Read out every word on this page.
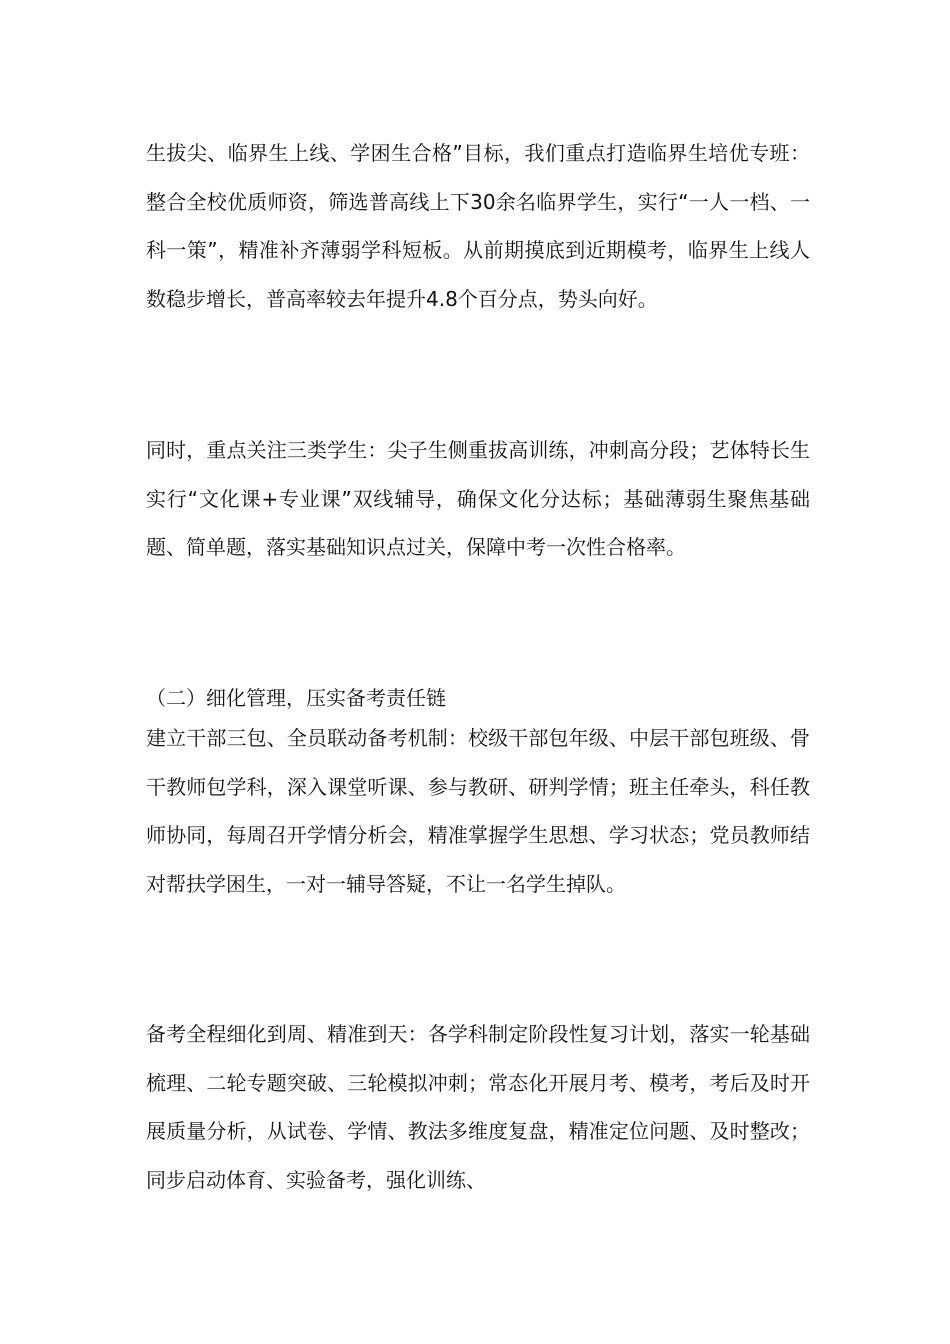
生拔尖、临界生上线、学困生合格”目标，我们重点打造临界生培优专班：整合全校优质师资，筛选普高线上下30余名临界学生，实行“一人一档、一科一策”，精准补齐薄弱学科短板。从前期摸底到近期模考，临界生上线人数稳步增长，普高率较去年提升4.8个百分点，势头向好。

同时，重点关注三类学生：尖子生侧重拔高训练，冲刺高分段；艺体特长生实行“文化课+专业课”双线辅导，确保文化分达标；基础薄弱生聚焦基础题、简单题，落实基础知识点过关，保障中考一次性合格率。

（二）细化管理，压实备考责任链

建立干部三包、全员联动备考机制：校级干部包年级、中层干部包班级、骨干教师包学科，深入课堂听课、参与教研、研判学情；班主任牵头，科任教师协同，每周召开学情分析会，精准掌握学生思想、学习状态；党员教师结对帮扶学困生，一对一辅导答疑，不让一名学生掉队。

备考全程细化到周、精准到天：各学科制定阶段性复习计划，落实一轮基础梳理、二轮专题突破、三轮模拟冲刺；常态化开展月考、模考，考后及时开展质量分析，从试卷、学情、教法多维度复盘，精准定位问题、及时整改；同步启动体育、实验备考，强化训练、
